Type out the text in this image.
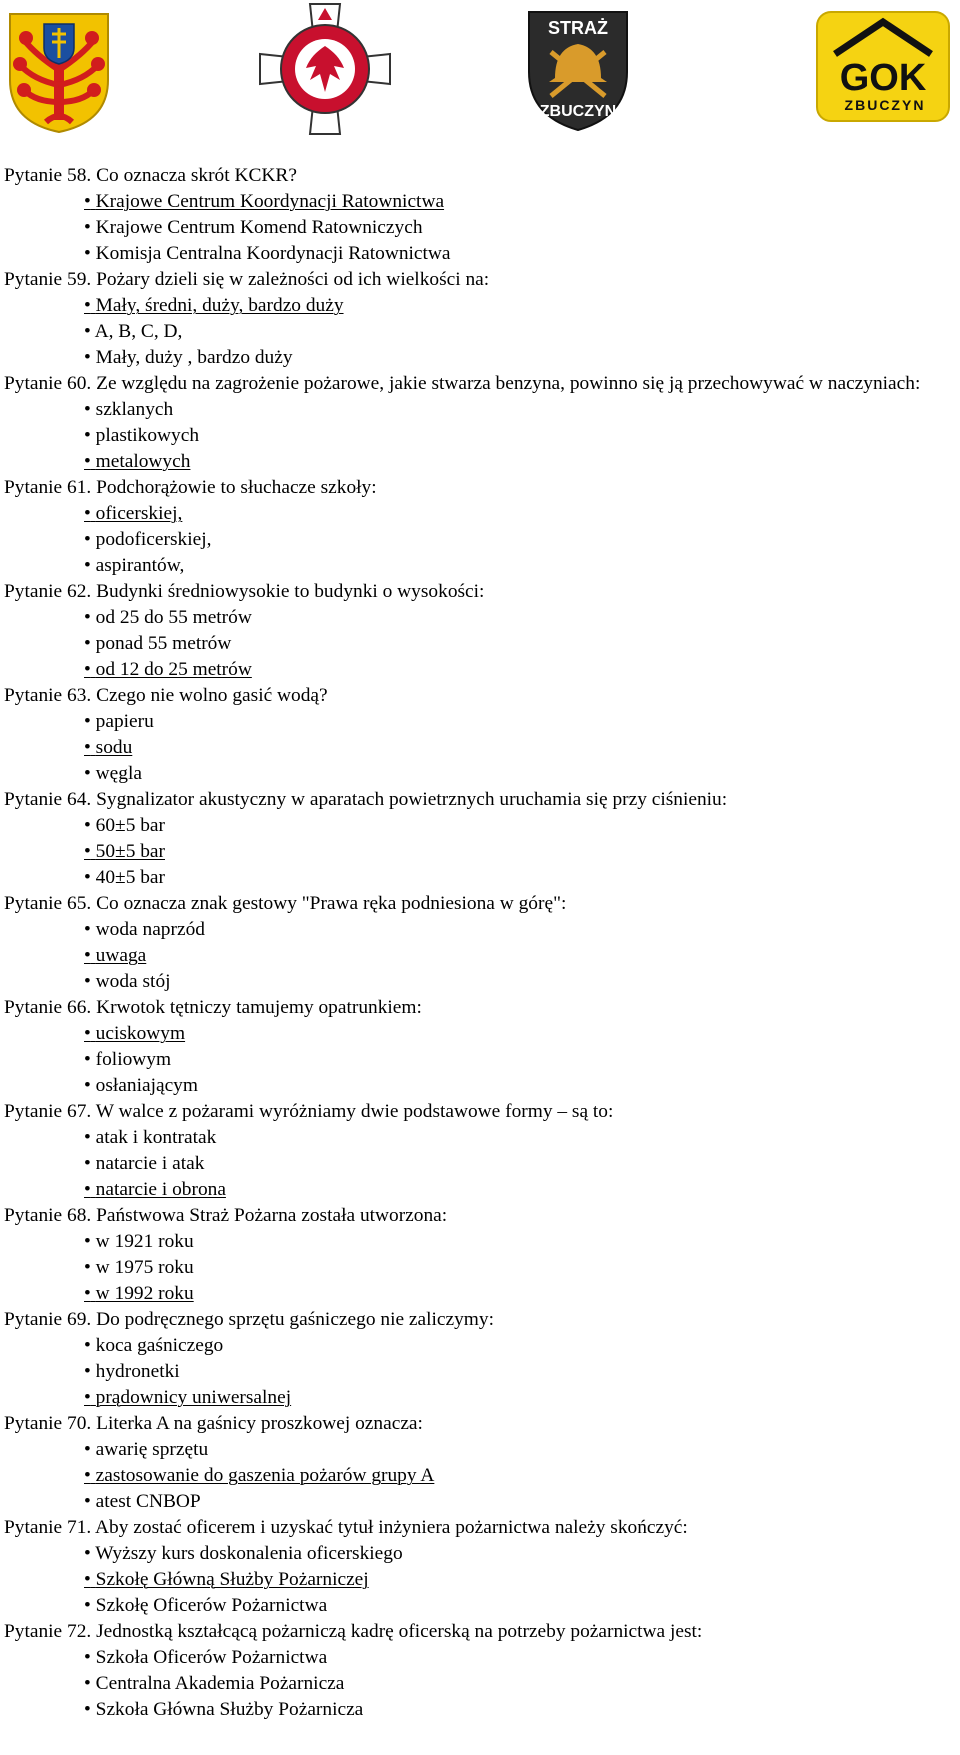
STRAŻ
ZBUCZYN
GOK
ZBUCZYN

Pytanie 58. Co oznacza skrót KCKR?

• Krajowe Centrum Koordynacji Ratownictwa

• Krajowe Centrum Komend Ratowniczych

• Komisja Centralna Koordynacji Ratownictwa

Pytanie 59. Pożary dzieli się w zależności od ich wielkości na:

• Mały, średni, duży, bardzo duży

• A, B, C, D,

• Mały, duży , bardzo duży

Pytanie 60. Ze względu na zagrożenie pożarowe, jakie stwarza benzyna, powinno się ją przechowywać w naczyniach:

• szklanych

• plastikowych

• metalowych

Pytanie 61. Podchorążowie to słuchacze szkoły:

• oficerskiej,

• podoficerskiej,

• aspirantów,

Pytanie 62. Budynki średniowysokie to budynki o wysokości:

• od 25 do 55 metrów

• ponad 55 metrów

• od 12 do 25 metrów

Pytanie 63. Czego nie wolno gasić wodą?

• papieru

• sodu

• węgla

Pytanie 64. Sygnalizator akustyczny w aparatach powietrznych uruchamia się przy ciśnieniu:

• 60±5 bar

• 50±5 bar

• 40±5 bar

Pytanie 65. Co oznacza znak gestowy "Prawa ręka podniesiona w górę":

• woda naprzód

• uwaga

• woda stój

Pytanie 66. Krwotok tętniczy tamujemy opatrunkiem:

• uciskowym

• foliowym

• osłaniającym

Pytanie 67. W walce z pożarami wyróżniamy dwie podstawowe formy – są to:

• atak i kontratak

• natarcie i atak

• natarcie i obrona

Pytanie 68. Państwowa Straż Pożarna została utworzona:

• w 1921 roku

• w 1975 roku

• w 1992 roku

Pytanie 69. Do podręcznego sprzętu gaśniczego nie zaliczymy:

• koca gaśniczego

• hydronetki

• prądownicy uniwersalnej

Pytanie 70. Literka A na gaśnicy proszkowej oznacza:

• awarię sprzętu

• zastosowanie do gaszenia pożarów grupy A

• atest CNBOP

Pytanie 71. Aby zostać oficerem i uzyskać tytuł inżyniera pożarnictwa należy skończyć:

• Wyższy kurs doskonalenia oficerskiego

• Szkołę Główną Służby Pożarniczej

• Szkołę Oficerów Pożarnictwa

Pytanie 72. Jednostką kształcącą pożarniczą kadrę oficerską na potrzeby pożarnictwa jest:

• Szkoła Oficerów Pożarnictwa

• Centralna Akademia Pożarnicza

• Szkoła Główna Służby Pożarnicza
